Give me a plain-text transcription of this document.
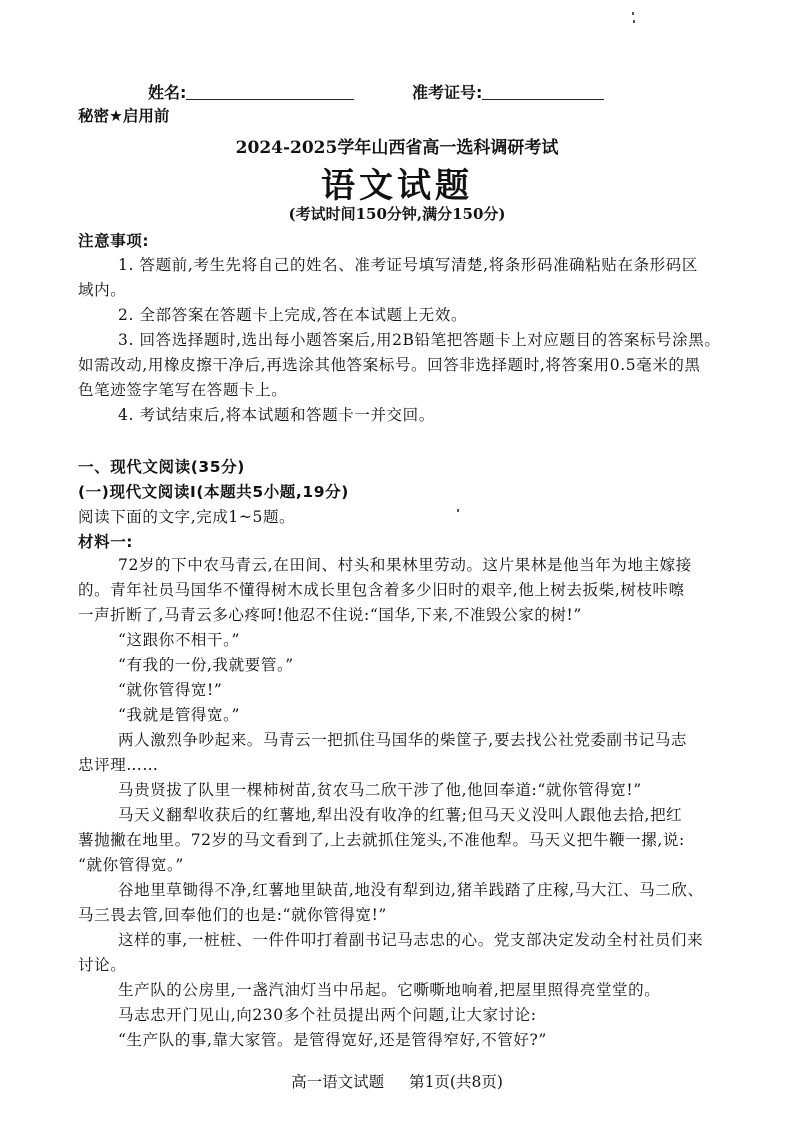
姓名:	准考证号:
秘密★启用前
2024-2025学年山西省高一选科调研考试
语文试题
(考试时间150分钟,满分150分)
注意事项:
1. 答题前,考生先将自己的姓名、准考证号填写清楚,将条形码准确粘贴在条形码区
域内。
2. 全部答案在答题卡上完成,答在本试题上无效。
3. 回答选择题时,选出每小题答案后,用2B铅笔把答题卡上对应题目的答案标号涂黑。
如需改动,用橡皮擦干净后,再选涂其他答案标号。回答非选择题时,将答案用0.5毫米的黑
色笔迹签字笔写在答题卡上。
4. 考试结束后,将本试题和答题卡一并交回。
一、现代文阅读(35分)
(一)现代文阅读Ⅰ(本题共5小题,19分)
阅读下面的文字,完成1~5题。
材料一:
72岁的下中农马青云,在田间、村头和果林里劳动。这片果林是他当年为地主嫁接
的。青年社员马国华不懂得树木成长里包含着多少旧时的艰辛,他上树去扳柴,树枝咔嚓
一声折断了,马青云多心疼呵!他忍不住说:“国华,下来,不准毁公家的树!”
“这跟你不相干。”
“有我的一份,我就要管。”
“就你管得宽!”
“我就是管得宽。”
两人激烈争吵起来。马青云一把抓住马国华的柴筐子,要去找公社党委副书记马志
忠评理……
马贵贤拔了队里一棵柿树苗,贫农马二欣干涉了他,他回奉道:“就你管得宽!”
马天义翻犁收获后的红薯地,犁出没有收净的红薯;但马天义没叫人跟他去拾,把红
薯抛撇在地里。72岁的马文看到了,上去就抓住笼头,不准他犁。马天义把牛鞭一摞,说:
“就你管得宽。”
谷地里草锄得不净,红薯地里缺苗,地没有犁到边,猪羊践踏了庄稼,马大江、马二欣、
马三畏去管,回奉他们的也是:“就你管得宽!”
这样的事,一桩桩、一件件叩打着副书记马志忠的心。党支部决定发动全村社员们来
讨论。
生产队的公房里,一盏汽油灯当中吊起。它嘶嘶地响着,把屋里照得亮堂堂的。
马志忠开门见山,向230多个社员提出两个问题,让大家讨论:
“生产队的事,靠大家管。是管得宽好,还是管得窄好,不管好?”
高一语文试题 第1页(共8页)
